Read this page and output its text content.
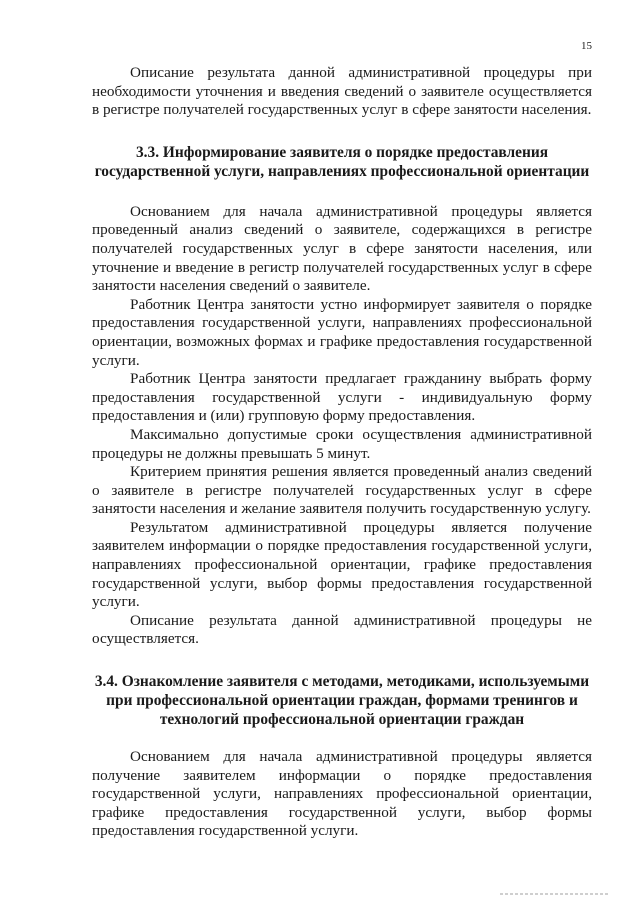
15

Описание результата данной административной процедуры при необходимости уточнения и введения сведений о заявителе осуществляется в регистре получателей государственных услуг в сфере занятости населения.

3.3. Информирование заявителя о порядке предоставления государственной услуги, направлениях профессиональной ориентации

Основанием для начала административной процедуры является проведенный анализ сведений о заявителе, содержащихся в регистре получателей государственных услуг в сфере занятости населения, или уточнение и введение в регистр получателей государственных услуг в сфере занятости населения сведений о заявителе.

Работник Центра занятости устно информирует заявителя о порядке предоставления государственной услуги, направлениях профессиональной ориентации, возможных формах и графике предоставления государственной услуги.

Работник Центра занятости предлагает гражданину выбрать форму предоставления государственной услуги - индивидуальную форму предоставления и (или) групповую форму предоставления.

Максимально допустимые сроки осуществления административной процедуры не должны превышать 5 минут.

Критерием принятия решения является проведенный анализ сведений о заявителе в регистре получателей государственных услуг в сфере занятости населения и желание заявителя получить государственную услугу.

Результатом административной процедуры является получение заявителем информации о порядке предоставления государственной услуги, направлениях профессиональной ориентации, графике предоставления государственной услуги, выбор формы предоставления государственной услуги.

Описание результата данной административной процедуры не осуществляется.

3.4. Ознакомление заявителя с методами, методиками, используемыми при профессиональной ориентации граждан, формами тренингов и технологий профессиональной ориентации граждан

Основанием для начала административной процедуры является получение заявителем информации о порядке предоставления государственной услуги, направлениях профессиональной ориентации, графике предоставления государственной услуги, выбор формы предоставления государственной услуги.
